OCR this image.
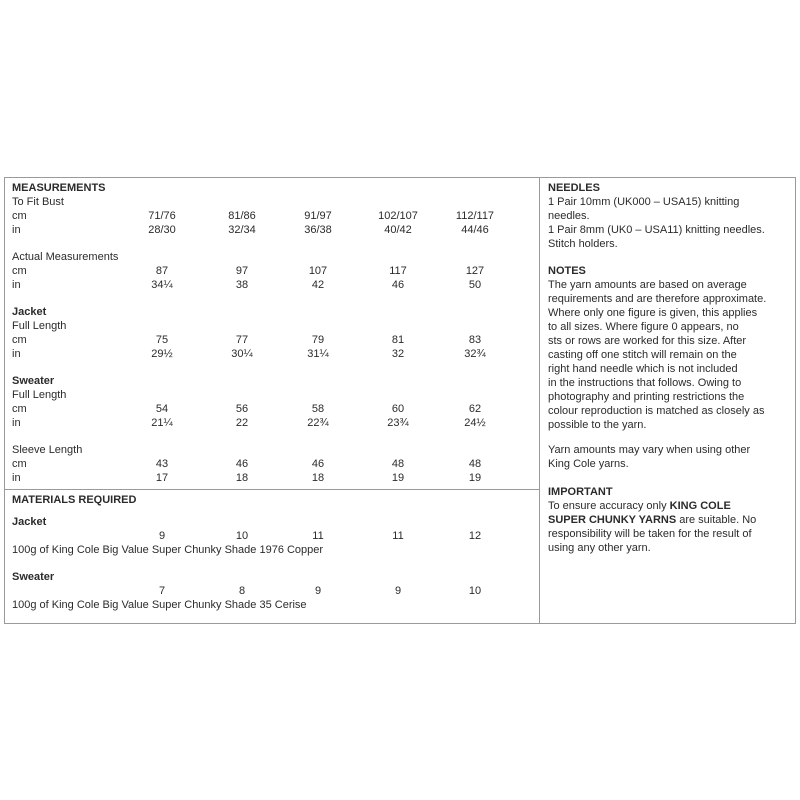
MEASUREMENTS
To Fit Bust
cm	71/76	81/86	91/97	102/107	112/117
in	28/30	32/34	36/38	40/42	44/46
Actual Measurements
cm	87	97	107	117	127
in	34¼	38	42	46	50
Jacket
Full Length
cm	75	77	79	81	83
in	29½	30¼	31¼	32	32¾
Sweater
Full Length
cm	54	56	58	60	62
in	21¼	22	22¾	23¾	24½
Sleeve Length
cm	43	46	46	48	48
in	17	18	18	19	19
MATERIALS REQUIRED
Jacket
9	10	11	11	12
100g of King Cole Big Value Super Chunky Shade 1976 Copper
Sweater
7	8	9	9	10
100g of King Cole Big Value Super Chunky Shade 35 Cerise
NEEDLES
1 Pair 10mm (UK000 – USA15) knitting
needles.
1 Pair 8mm (UK0 – USA11) knitting needles.
Stitch holders.
NOTES
The yarn amounts are based on average
requirements and are therefore approximate.
Where only one figure is given, this applies
to all sizes. Where figure 0 appears, no
sts or rows are worked for this size. After
casting off one stitch will remain on the
right hand needle which is not included
in the instructions that follows. Owing to
photography and printing restrictions the
colour reproduction is matched as closely as
possible to the yarn.
Yarn amounts may vary when using other
King Cole yarns.
IMPORTANT
To ensure accuracy only KING COLE
SUPER CHUNKY YARNS are suitable. No
responsibility will be taken for the result of
using any other yarn.
